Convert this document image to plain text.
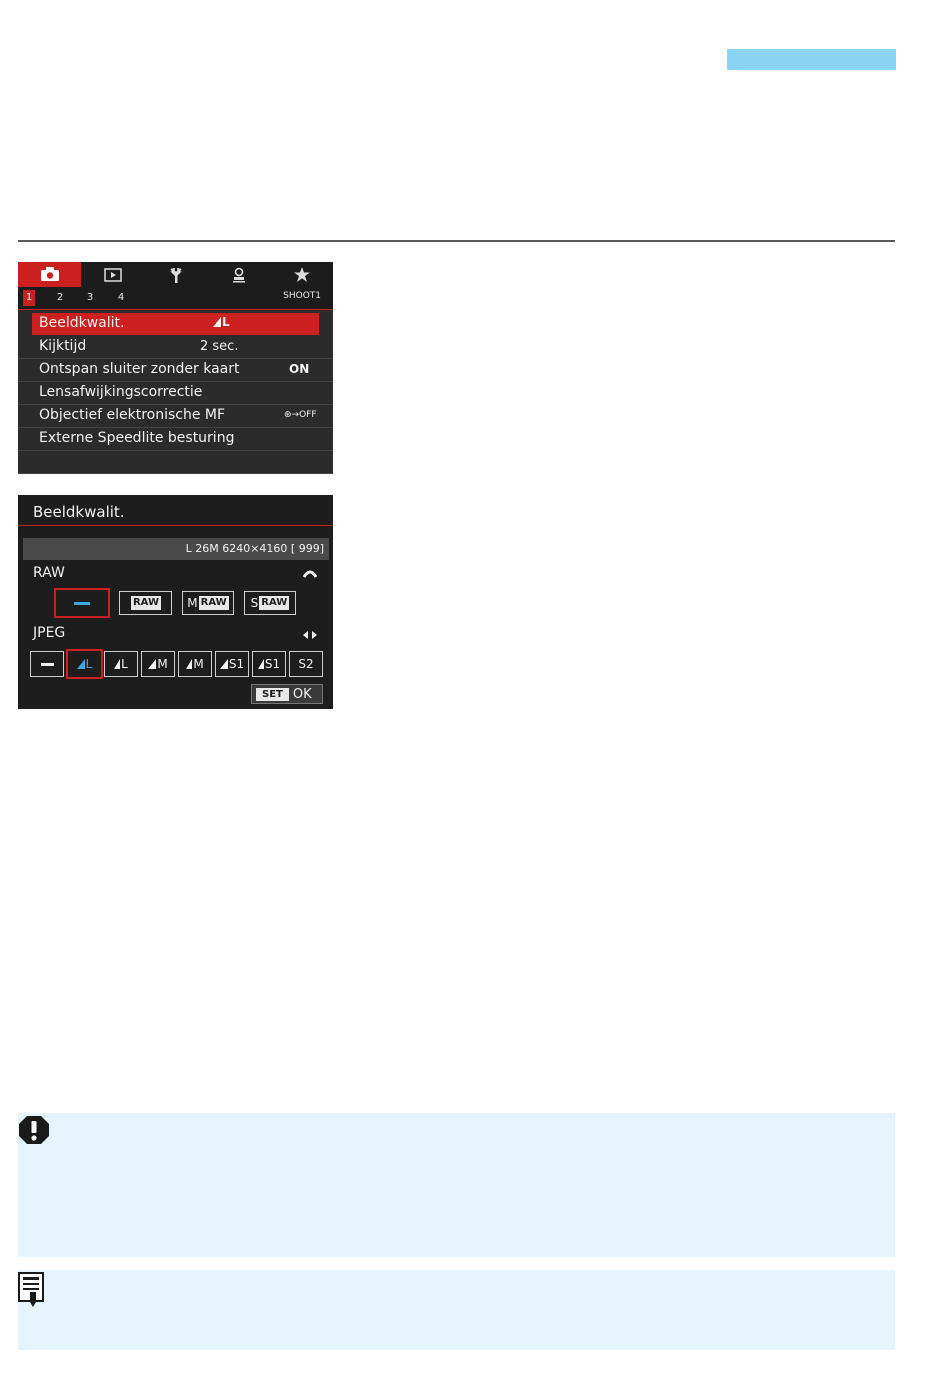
1 2 3 4	SHOOT1
Beeldkwalit.	L
Kijktijd	2 sec.
Ontspan sluiter zonder kaart	ON
Lensafwijkingscorrectie
Objectief elektronische MF	⊛→OFF
Externe Speedlite besturing
Beeldkwalit.
L 26M 6240×4160 [ 999]
RAW
RAW M RAW S RAW
JPEG
L L M M S1 S1 S2
SET OK
